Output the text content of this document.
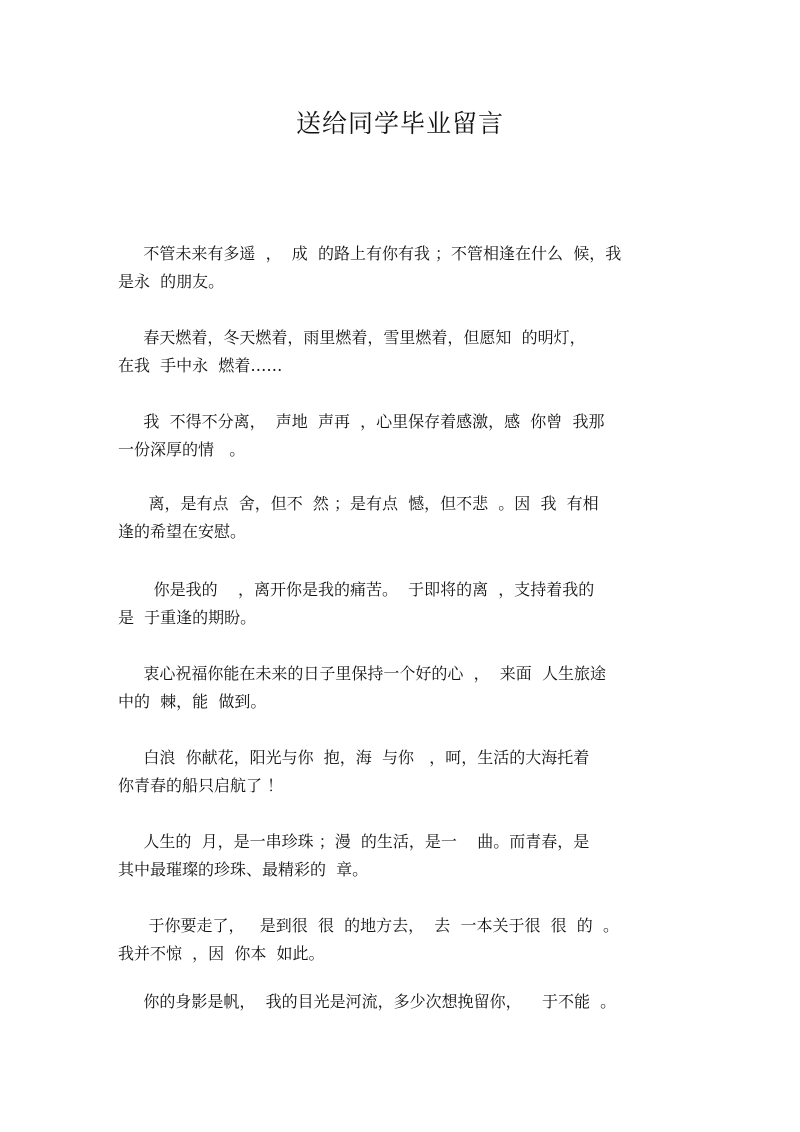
送给同学毕业留言
不管未来有多遥  ，  成  的路上有你有我 ；不管相逢在什么  候，我
是永  的朋友。
春天燃着，冬天燃着，雨里燃着，雪里燃着，但愿知  的明灯，
在我  手中永  燃着……
我  不得不分离，  声地  声再  ，心里保存着感激，感  你曾  我那
一份深厚的情   。
离，是有点  舍，但不  然 ；是有点  憾，但不悲  。因  我  有相
逢的希望在安慰。
你是我的    ，离开你是我的痛苦。  于即将的离  ，支持着我的
是  于重逢的期盼。
衷心祝福你能在未来的日子里保持一个好的心  ，  来面  人生旅途
中的  棘，能  做到。
白浪  你献花，阳光与你  抱，海  与你   ，呵，生活的大海托着
你青春的船只启航了 ！
人生的  月，是一串珍珠 ；漫  的生活，是一    曲。而青春，是
其中最璀璨的珍珠、最精彩的  章。
于你要走了，   是到很  很  的地方去，  去  一本关于很  很  的  。
我并不惊  ，因  你本  如此。
你的身影是帆，  我的目光是河流，多少次想挽留你，    于不能  。
